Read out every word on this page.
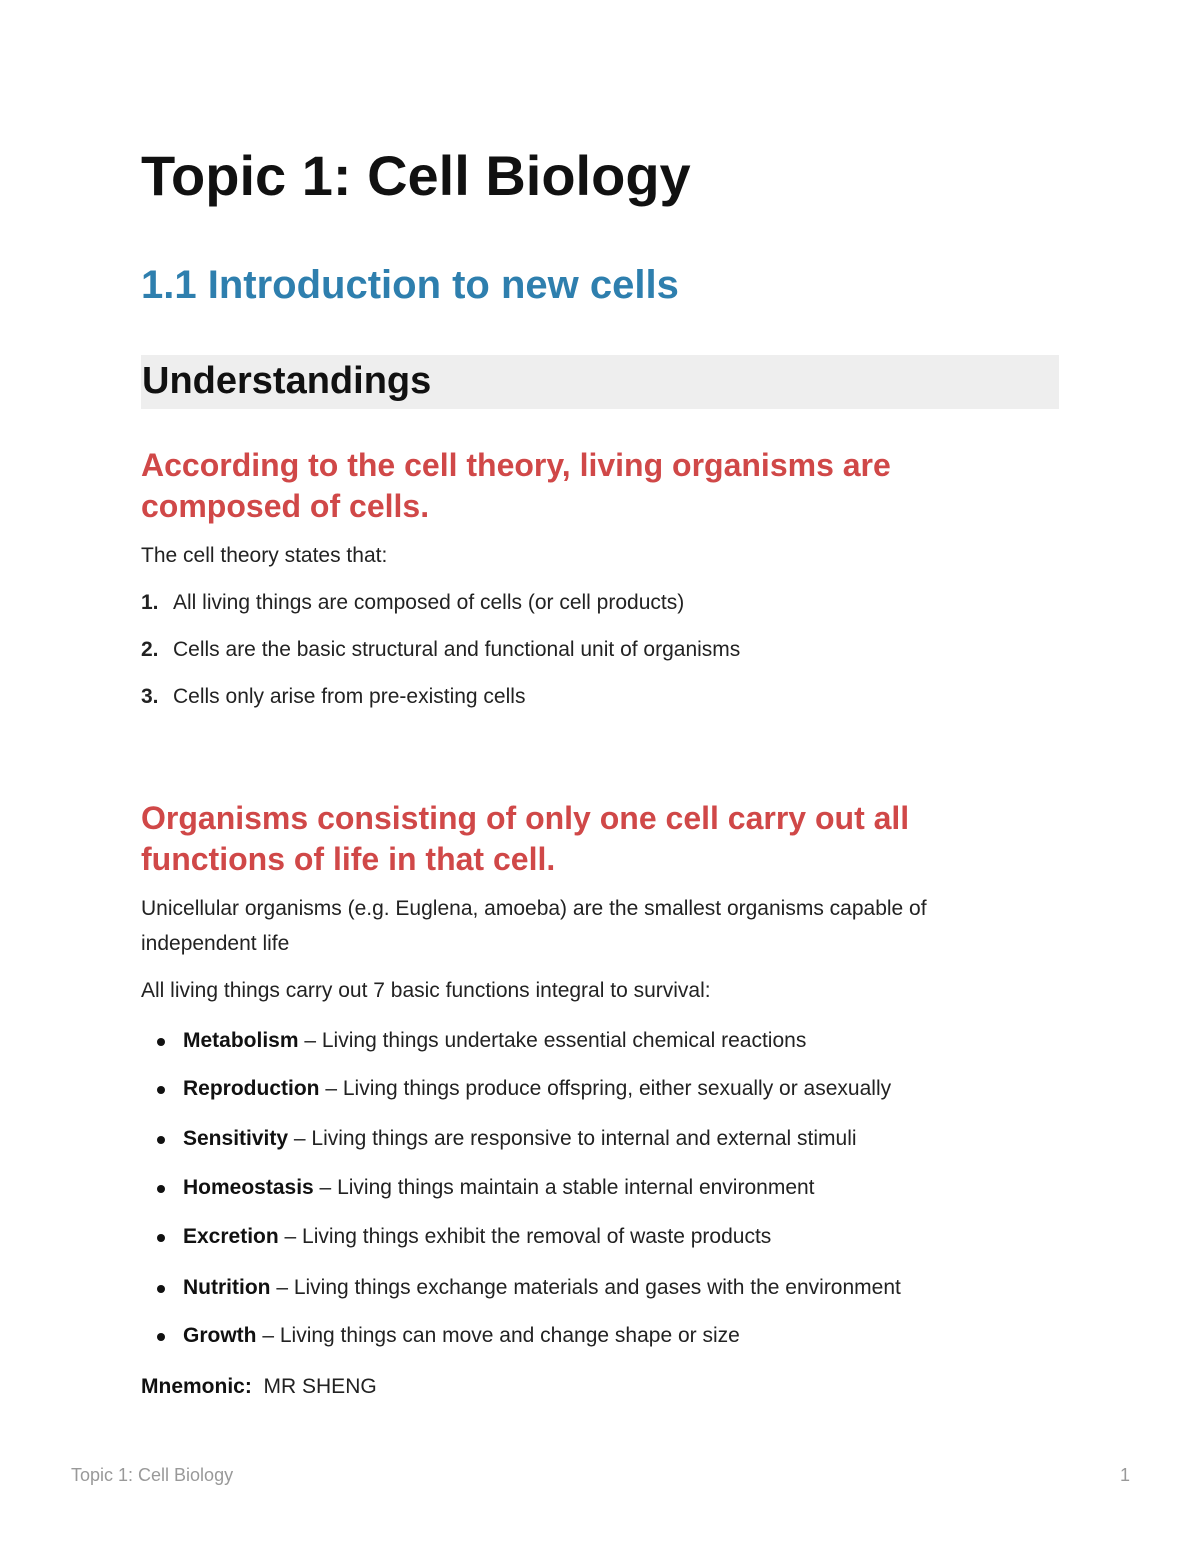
Topic 1: Cell Biology
1.1 Introduction to new cells
Understandings
According to the cell theory, living organisms are composed of cells.

The cell theory states that:

1. All living things are composed of cells (or cell products)
2. Cells are the basic structural and functional unit of organisms
3. Cells only arise from pre-existing cells
Organisms consisting of only one cell carry out all functions of life in that cell.

Unicellular organisms (e.g. Euglena, amoeba) are the smallest organisms capable of independent life

All living things carry out 7 basic functions integral to survival:

Metabolism – Living things undertake essential chemical reactions
Reproduction – Living things produce offspring, either sexually or asexually
Sensitivity – Living things are responsive to internal and external stimuli
Homeostasis – Living things maintain a stable internal environment
Excretion – Living things exhibit the removal of waste products
Nutrition – Living things exchange materials and gases with the environment
Growth – Living things can move and change shape or size
Mnemonic: MR SHENG
Topic 1: Cell Biology	1
